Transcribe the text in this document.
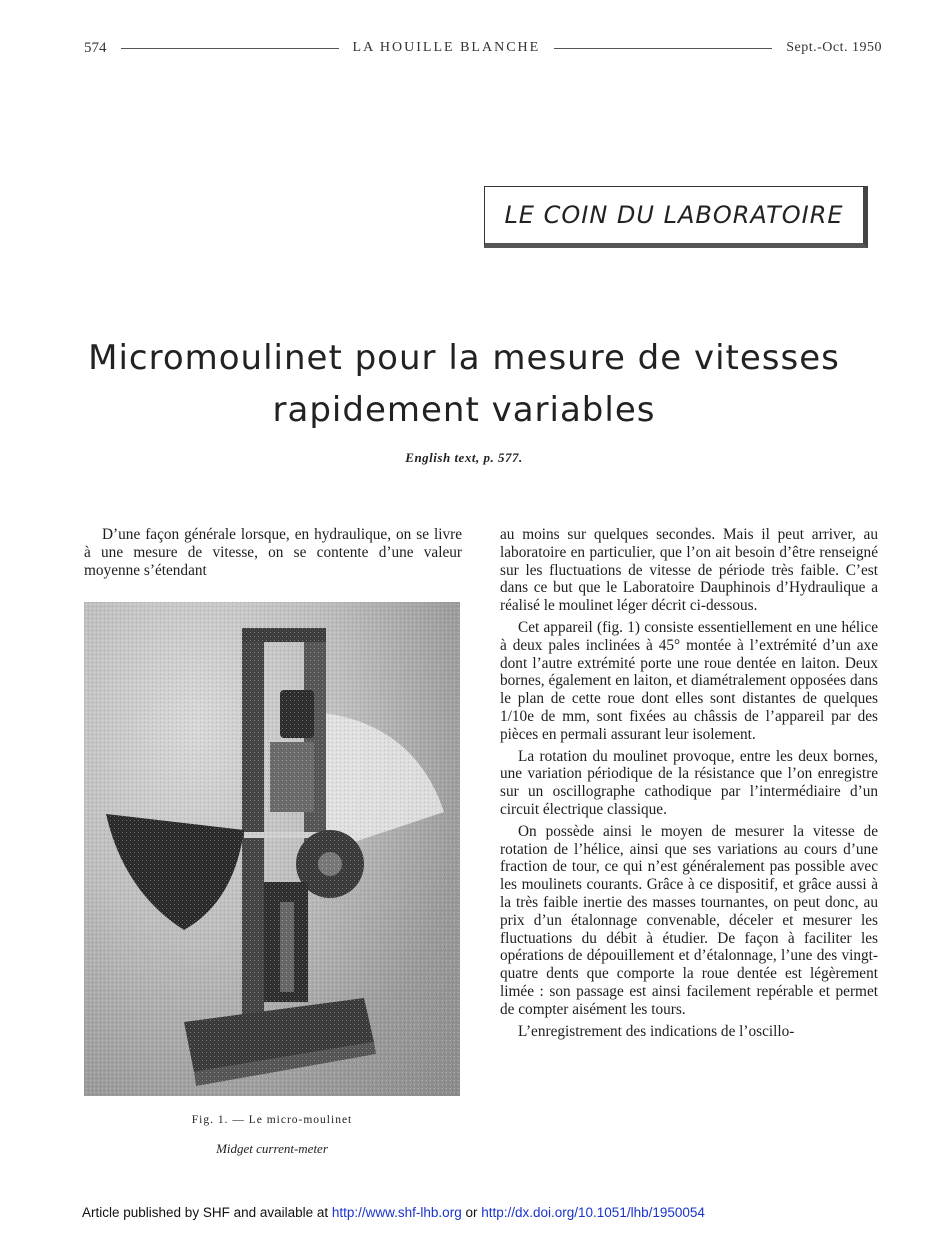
574	LA HOUILLE BLANCHE	Sept.-Oct. 1950
LE COIN DU LABORATOIRE
Micromoulinet pour la mesure de vitesses
rapidement variables
English text, p. 577.

D’une façon générale lorsque, en hydraulique, on se livre à une mesure de vitesse, on se contente d’une valeur moyenne s’étendant

Fig. 1. — Le micro-moulinet
Midget current-meter

au moins sur quelques secondes. Mais il peut arriver, au laboratoire en particulier, que l’on ait besoin d’être renseigné sur les fluctuations de vitesse de période très faible. C’est dans ce but que le Laboratoire Dauphinois d’Hydraulique a réalisé le moulinet léger décrit ci-dessous.

Cet appareil (fig. 1) consiste essentiellement en une hélice à deux pales inclinées à 45° montée à l’extrémité d’un axe dont l’autre extrémité porte une roue dentée en laiton. Deux bornes, également en laiton, et diamétralement opposées dans le plan de cette roue dont elles sont distantes de quelques 1/10e de mm, sont fixées au châssis de l’appareil par des pièces en permali assurant leur isolement.

La rotation du moulinet provoque, entre les deux bornes, une variation périodique de la résistance que l’on enregistre sur un oscillographe cathodique par l’intermédiaire d’un circuit électrique classique.

On possède ainsi le moyen de mesurer la vitesse de rotation de l’hélice, ainsi que ses variations au cours d’une fraction de tour, ce qui n’est généralement pas possible avec les moulinets courants. Grâce à ce dispositif, et grâce aussi à la très faible inertie des masses tournantes, on peut donc, au prix d’un étalonnage convenable, déceler et mesurer les fluctuations du débit à étudier. De façon à faciliter les opérations de dépouillement et d’étalonnage, l’une des vingt-quatre dents que comporte la roue dentée est légèrement limée : son passage est ainsi facilement repérable et permet de compter aisément les tours.

L’enregistrement des indications de l’oscillo-

Article published by SHF and available at http://www.shf-lhb.org or http://dx.doi.org/10.1051/lhb/1950054
